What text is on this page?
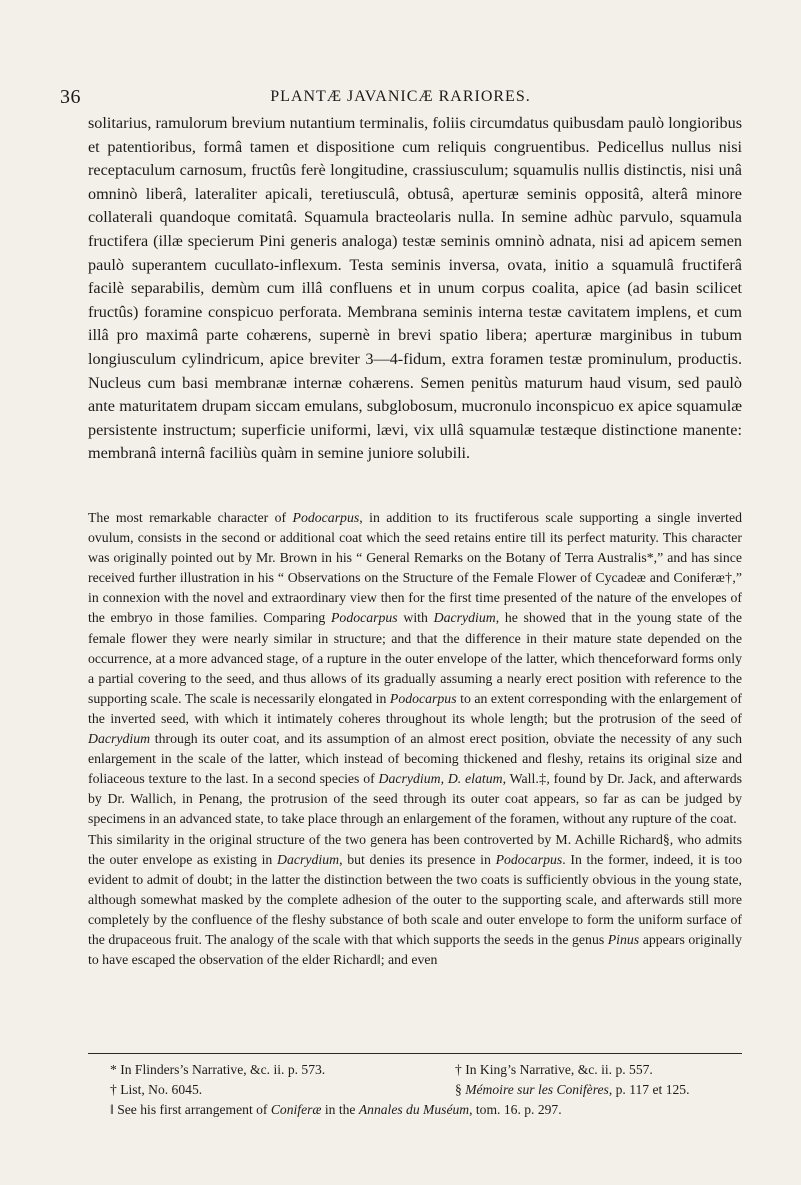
36	PLANTÆ JAVANICÆ RARIORES.

solitarius, ramulorum brevium nutantium terminalis, foliis circumdatus quibusdam paulò longioribus et patentioribus, formâ tamen et dispositione cum reliquis congruentibus. Pedicellus nullus nisi receptaculum carnosum, fructûs ferè longitudine, crassiusculum; squamulis nullis distinctis, nisi unâ omninò liberâ, lateraliter apicali, teretiusculâ, obtusâ, aperturæ seminis oppositâ, alterâ minore collaterali quandoque comitatâ. Squamula bracteolaris nulla. In semine adhùc parvulo, squamula fructifera (illæ specierum Pini generis analoga) testæ seminis omninò adnata, nisi ad apicem semen paulò superantem cucullato-inflexum. Testa seminis inversa, ovata, initio a squamulâ fructiferâ facilè separabilis, demùm cum illâ confluens et in unum corpus coalita, apice (ad basin scilicet fructûs) foramine conspicuo perforata. Membrana seminis interna testæ cavitatem implens, et cum illâ pro maximâ parte cohærens, supernè in brevi spatio libera; aperturæ marginibus in tubum longiusculum cylindricum, apice breviter 3—4-fidum, extra foramen testæ prominulum, productis. Nucleus cum basi membranæ internæ cohærens. Semen penitùs maturum haud visum, sed paulò ante maturitatem drupam siccam emulans, subglobosum, mucronulo inconspicuo ex apice squamulæ persistente instructum; superficie uniformi, lævi, vix ullâ squamulæ testæque distinctione manente: membranâ internâ faciliùs quàm in semine juniore solubili.

The most remarkable character of Podocarpus, in addition to its fructiferous scale supporting a single inverted ovulum, consists in the second or additional coat which the seed retains entire till its perfect maturity. This character was originally pointed out by Mr. Brown in his “ General Remarks on the Botany of Terra Australis*,” and has since received further illustration in his “ Observations on the Structure of the Female Flower of Cycadeæ and Coniferæ†,” in connexion with the novel and extraordinary view then for the first time presented of the nature of the envelopes of the embryo in those families. Comparing Podocarpus with Dacrydium, he showed that in the young state of the female flower they were nearly similar in structure; and that the difference in their mature state depended on the occurrence, at a more advanced stage, of a rupture in the outer envelope of the latter, which thenceforward forms only a partial covering to the seed, and thus allows of its gradually assuming a nearly erect position with reference to the supporting scale. The scale is necessarily elongated in Podocarpus to an extent corresponding with the enlargement of the inverted seed, with which it intimately coheres throughout its whole length; but the protrusion of the seed of Dacrydium through its outer coat, and its assumption of an almost erect position, obviate the necessity of any such enlargement in the scale of the latter, which instead of becoming thickened and fleshy, retains its original size and foliaceous texture to the last. In a second species of Dacrydium, D. elatum, Wall.‡, found by Dr. Jack, and afterwards by Dr. Wallich, in Penang, the protrusion of the seed through its outer coat appears, so far as can be judged by specimens in an advanced state, to take place through an enlargement of the foramen, without any rupture of the coat.

This similarity in the original structure of the two genera has been controverted by M. Achille Richard§, who admits the outer envelope as existing in Dacrydium, but denies its presence in Podocarpus. In the former, indeed, it is too evident to admit of doubt; in the latter the distinction between the two coats is sufficiently obvious in the young state, although somewhat masked by the complete adhesion of the outer to the supporting scale, and afterwards still more completely by the confluence of the fleshy substance of both scale and outer envelope to form the uniform surface of the drupaceous fruit. The analogy of the scale with that which supports the seeds in the genus Pinus appears originally to have escaped the observation of the elder Richard‖; and even

* In Flinders’s Narrative, &c. ii. p. 573.	† In King’s Narrative, &c. ii. p. 557.
† List, No. 6045.	§ Mémoire sur les Conifères, p. 117 et 125.
‖ See his first arrangement of Coniferæ in the Annales du Muséum, tom. 16. p. 297.
